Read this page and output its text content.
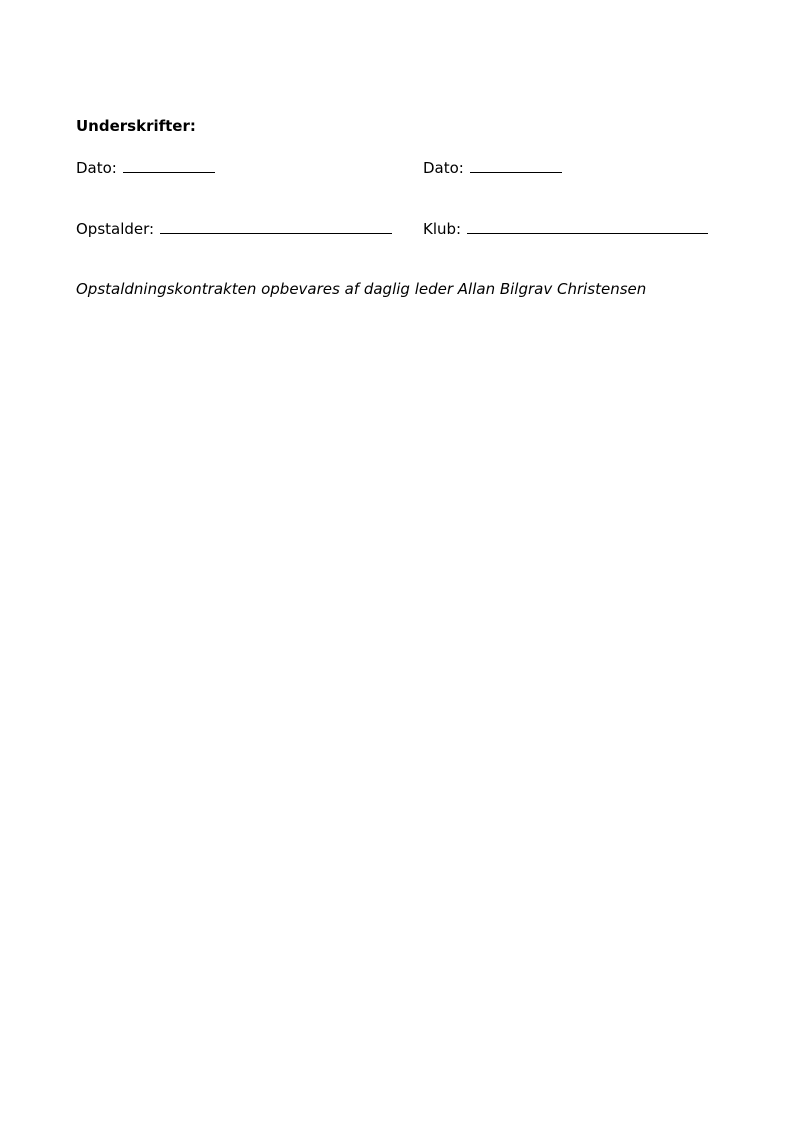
Underskrifter:
Dato:	Dato:
Opstalder:	Klub:

Opstaldningskontrakten opbevares af daglig leder Allan Bilgrav Christensen
